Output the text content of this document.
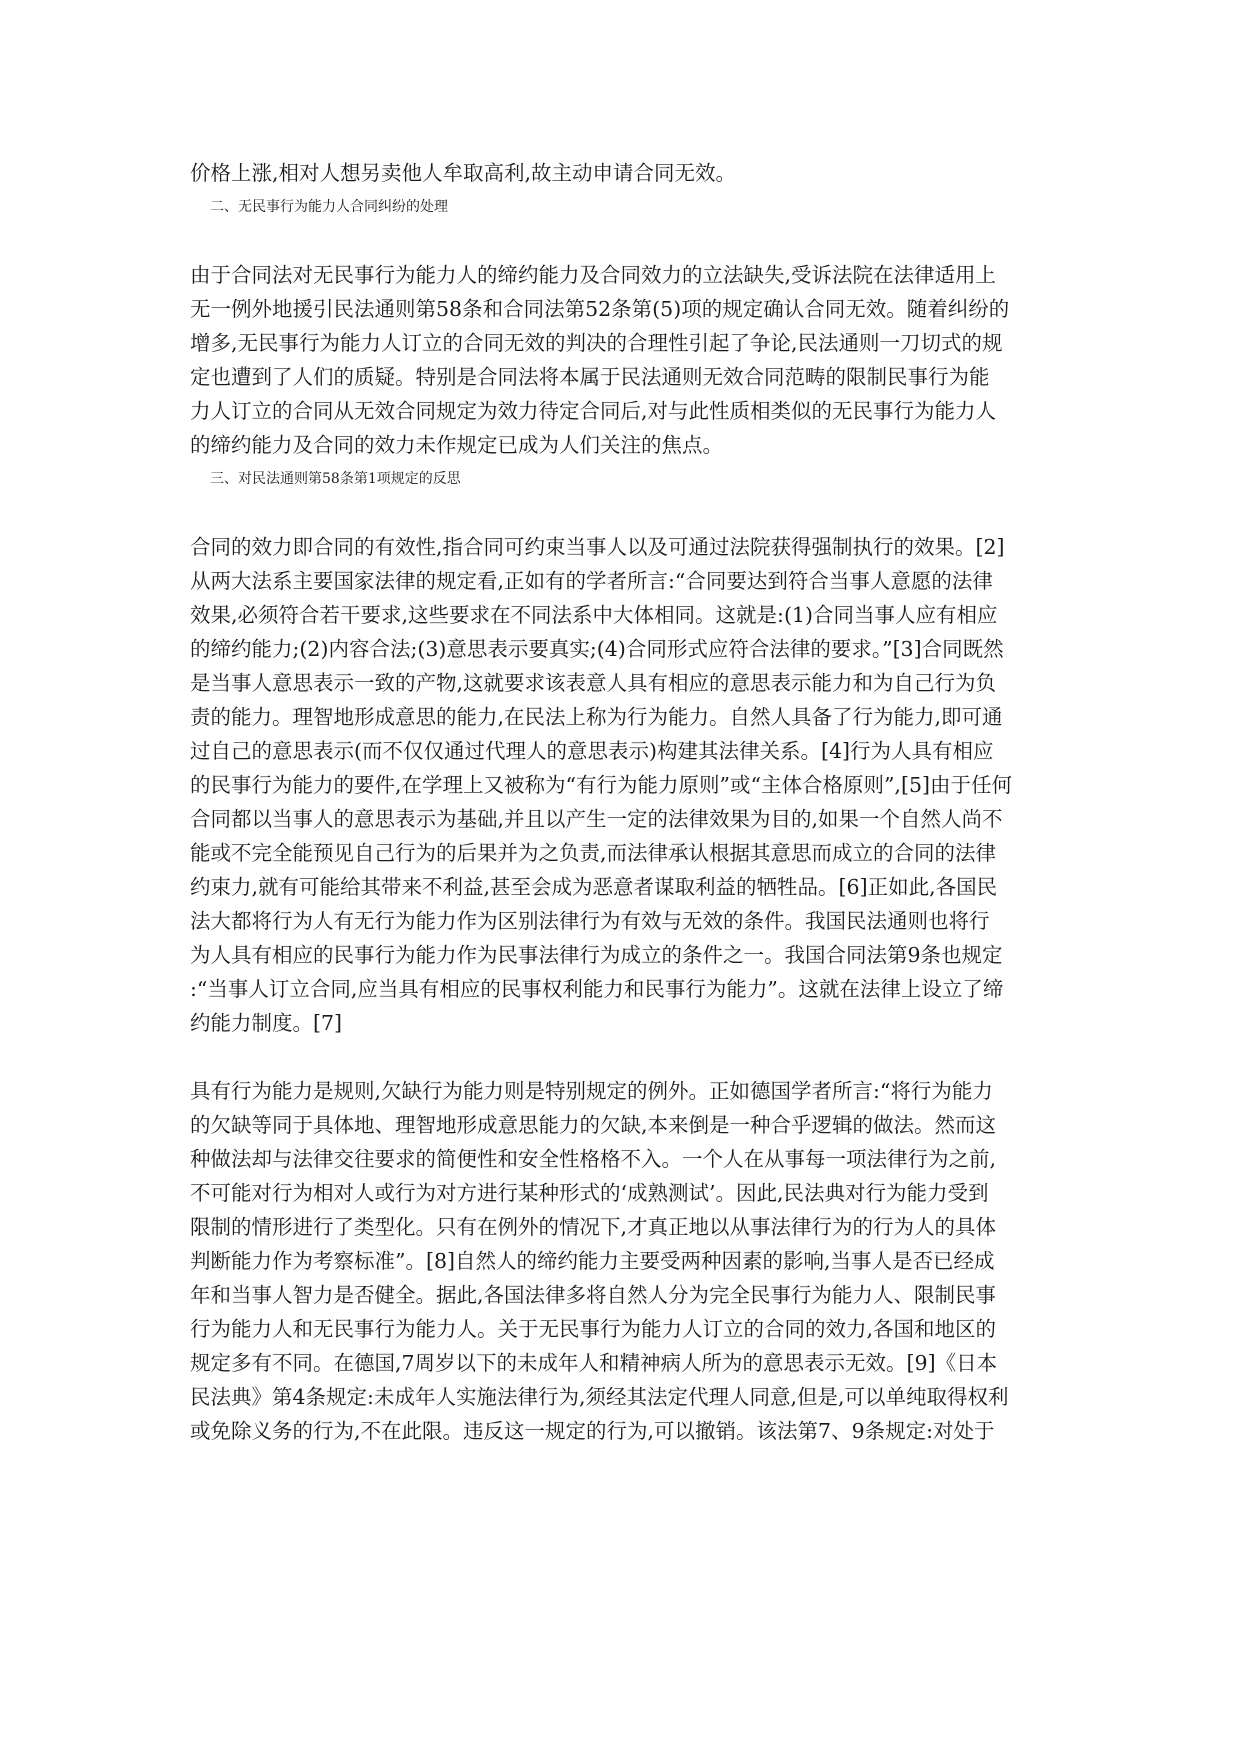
价格上涨,相对人想另卖他人牟取高利,故主动申请合同无效。
二、无民事行为能力人合同纠纷的处理
由于合同法对无民事行为能力人的缔约能力及合同效力的立法缺失,受诉法院在法律适用上
无一例外地援引民法通则第58条和合同法第52条第(5)项的规定确认合同无效。随着纠纷的
增多,无民事行为能力人订立的合同无效的判决的合理性引起了争论,民法通则一刀切式的规
定也遭到了人们的质疑。特别是合同法将本属于民法通则无效合同范畴的限制民事行为能
力人订立的合同从无效合同规定为效力待定合同后,对与此性质相类似的无民事行为能力人
的缔约能力及合同的效力未作规定已成为人们关注的焦点。
三、对民法通则第58条第1项规定的反思
合同的效力即合同的有效性,指合同可约束当事人以及可通过法院获得强制执行的效果。[2]
从两大法系主要国家法律的规定看,正如有的学者所言:“合同要达到符合当事人意愿的法律
效果,必须符合若干要求,这些要求在不同法系中大体相同。这就是:(1)合同当事人应有相应
的缔约能力;(2)内容合法;(3)意思表示要真实;(4)合同形式应符合法律的要求。”[3]合同既然
是当事人意思表示一致的产物,这就要求该表意人具有相应的意思表示能力和为自己行为负
责的能力。理智地形成意思的能力,在民法上称为行为能力。自然人具备了行为能力,即可通
过自己的意思表示(而不仅仅通过代理人的意思表示)构建其法律关系。[4]行为人具有相应
的民事行为能力的要件,在学理上又被称为“有行为能力原则”或“主体合格原则”,[5]由于任何
合同都以当事人的意思表示为基础,并且以产生一定的法律效果为目的,如果一个自然人尚不
能或不完全能预见自己行为的后果并为之负责,而法律承认根据其意思而成立的合同的法律
约束力,就有可能给其带来不利益,甚至会成为恶意者谋取利益的牺牲品。[6]正如此,各国民
法大都将行为人有无行为能力作为区别法律行为有效与无效的条件。我国民法通则也将行
为人具有相应的民事行为能力作为民事法律行为成立的条件之一。我国合同法第9条也规定
:“当事人订立合同,应当具有相应的民事权利能力和民事行为能力”。这就在法律上设立了缔
约能力制度。[7]
具有行为能力是规则,欠缺行为能力则是特别规定的例外。正如德国学者所言:“将行为能力
的欠缺等同于具体地、理智地形成意思能力的欠缺,本来倒是一种合乎逻辑的做法。然而这
种做法却与法律交往要求的简便性和安全性格格不入。一个人在从事每一项法律行为之前,
不可能对行为相对人或行为对方进行某种形式的‘成熟测试’。因此,民法典对行为能力受到
限制的情形进行了类型化。只有在例外的情况下,才真正地以从事法律行为的行为人的具体
判断能力作为考察标准”。[8]自然人的缔约能力主要受两种因素的影响,当事人是否已经成
年和当事人智力是否健全。据此,各国法律多将自然人分为完全民事行为能力人、限制民事
行为能力人和无民事行为能力人。关于无民事行为能力人订立的合同的效力,各国和地区的
规定多有不同。在德国,7周岁以下的未成年人和精神病人所为的意思表示无效。[9]《日本
民法典》第4条规定:未成年人实施法律行为,须经其法定代理人同意,但是,可以单纯取得权利
或免除义务的行为,不在此限。违反这一规定的行为,可以撤销。该法第7、9条规定:对处于
